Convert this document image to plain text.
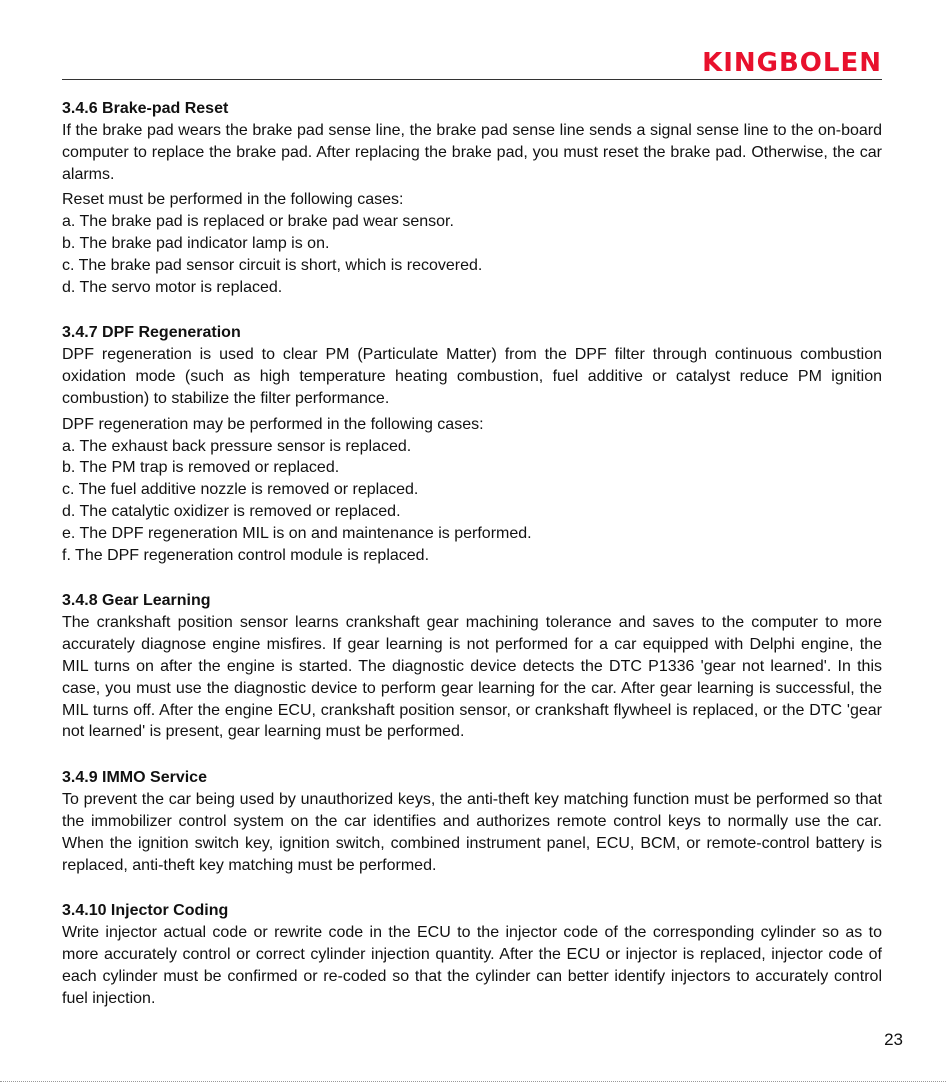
KINGBOLEN
3.4.6 Brake-pad Reset

If the brake pad wears the brake pad sense line, the brake pad sense line sends a signal sense line to the on-board computer to replace the brake pad. After replacing the brake pad, you must reset the brake pad. Otherwise, the car alarms.

Reset must be performed in the following cases:

a. The brake pad is replaced or brake pad wear sensor.
b. The brake pad indicator lamp is on.
c. The brake pad sensor circuit is short, which is recovered.
d. The servo motor is replaced.
3.4.7 DPF Regeneration

DPF regeneration is used to clear PM (Particulate Matter) from the DPF filter through continuous combustion oxidation mode (such as high temperature heating combustion, fuel additive or catalyst reduce PM ignition combustion) to stabilize the filter performance.

DPF regeneration may be performed in the following cases:

a. The exhaust back pressure sensor is replaced.
b. The PM trap is removed or replaced.
c. The fuel additive nozzle is removed or replaced.
d. The catalytic oxidizer is removed or replaced.
e. The DPF regeneration MIL is on and maintenance is performed.
f. The DPF regeneration control module is replaced.
3.4.8 Gear Learning

The crankshaft position sensor learns crankshaft gear machining tolerance and saves to the computer to more accurately diagnose engine misfires. If gear learning is not performed for a car equipped with Delphi engine, the MIL turns on after the engine is started. The diagnostic device detects the DTC P1336 'gear not learned'. In this case, you must use the diagnostic device to perform gear learning for the car. After gear learning is successful, the MIL turns off. After the engine ECU, crankshaft position sensor, or crankshaft flywheel is replaced, or the DTC 'gear not learned' is present, gear learning must be performed.

3.4.9 IMMO Service

To prevent the car being used by unauthorized keys, the anti-theft key matching function must be performed so that the immobilizer control system on the car identifies and authorizes remote control keys to normally use the car. When the ignition switch key, ignition switch, combined instrument panel, ECU, BCM, or remote-control battery is replaced, anti-theft key matching must be performed.

3.4.10 Injector Coding

Write injector actual code or rewrite code in the ECU to the injector code of the corresponding cylinder so as to more accurately control or correct cylinder injection quantity. After the ECU or injector is replaced, injector code of each cylinder must be confirmed or re-coded so that the cylinder can better identify injectors to accurately control fuel injection.

23
